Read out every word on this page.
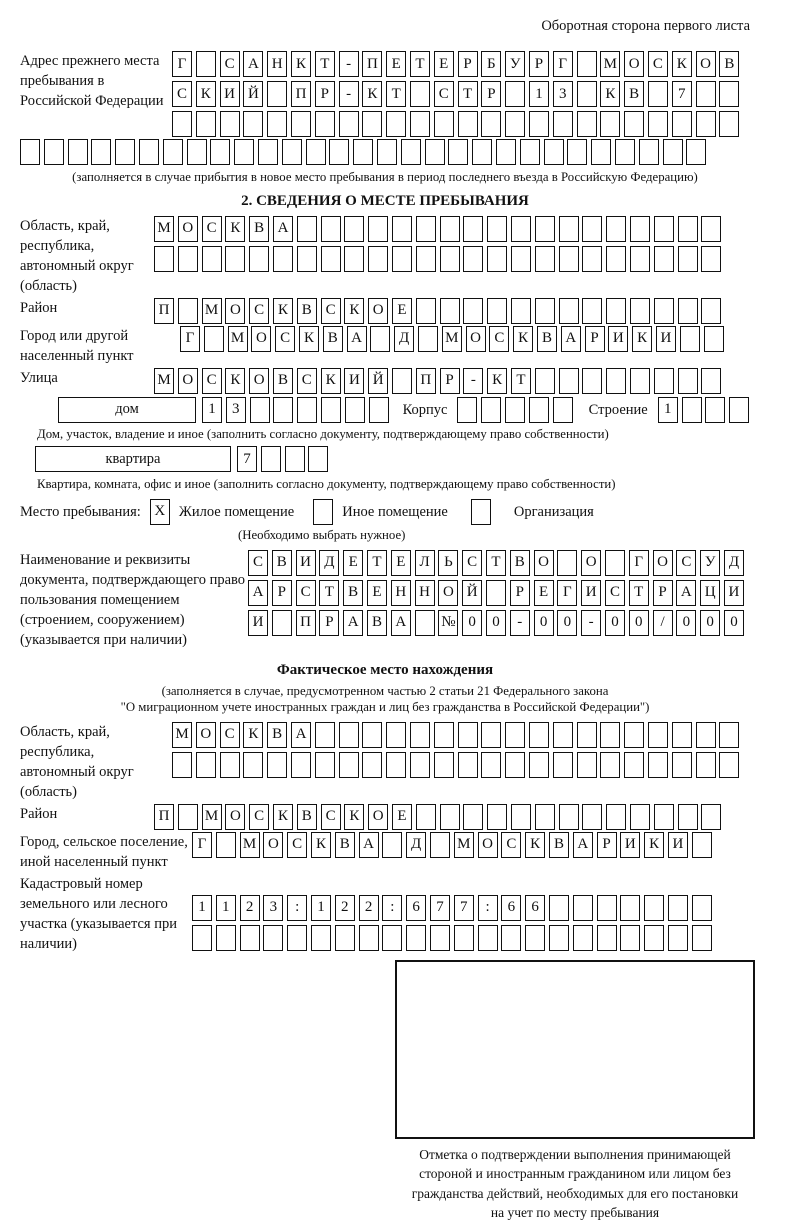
Оборотная сторона первого листа
Адрес прежнего места пребывания в Российской Федерации
Г	С А Н К Т	-	П Е Т Е	Р	Б У Р	Г	М О С К О В
С К И Й	П Р	-	К Т	С Т	Р	1	3	К В	7
(заполняется в случае прибытия в новое место пребывания в период последнего въезда в Российскую Федерацию)
2. СВЕДЕНИЯ О МЕСТЕ ПРЕБЫВАНИЯ
Область, край, республика, автономный округ (область)
М О С К В А
Район	П	М О С К В С К О Е
Город или другой населенный пункт
Г	М О С К В А	Д	М О С К В А Р И К И
Улица	М О С К О В С К И Й	П Р	-	К Т
дом	1	3	Корпус	Строение	1
Дом, участок, владение и иное (заполнить согласно документу, подтверждающему право собственности)
квартира	7
Квартира, комната, офис и иное (заполнить согласно документу, подтверждающему право собственности)
Место пребывания: X Жилое помещение	Иное помещение	Организация
(Необходимо выбрать нужное)
Наименование и реквизиты документа, подтверждающего право пользования помещением (строением, сооружением) (указывается при наличии)
С В И Д Е Т Е Л Ь С Т В О	О	Г О С У Д
А Р С Т В Е Н Н О Й	Р	Е Г И С Т	Р А Ц И
И	П Р А В А	№ 0	0	-	0	0	-	0	0	/	0	0	0
Фактическое место нахождения
(заполняется в случае, предусмотренном частью 2 статьи 21 Федерального закона
"О миграционном учете иностранных граждан и лиц без гражданства в Российской Федерации")
Область, край, республика, автономный округ (область)
М О С К В А
Район	П	М О С К В С К О Е
Город, сельское поселение, иной населенный пункт
Г	М О С К В А	Д	М О С К В А Р И К И
Кадастровый номер земельного или лесного участка (указывается при наличии)
1	1	2	3	:	1	2	2	:	6	7	7	:	6	6
Отметка о подтверждении выполнения принимающей
стороной и иностранным гражданином или лицом без
гражданства действий, необходимых для его постановки
на учет по месту пребывания
